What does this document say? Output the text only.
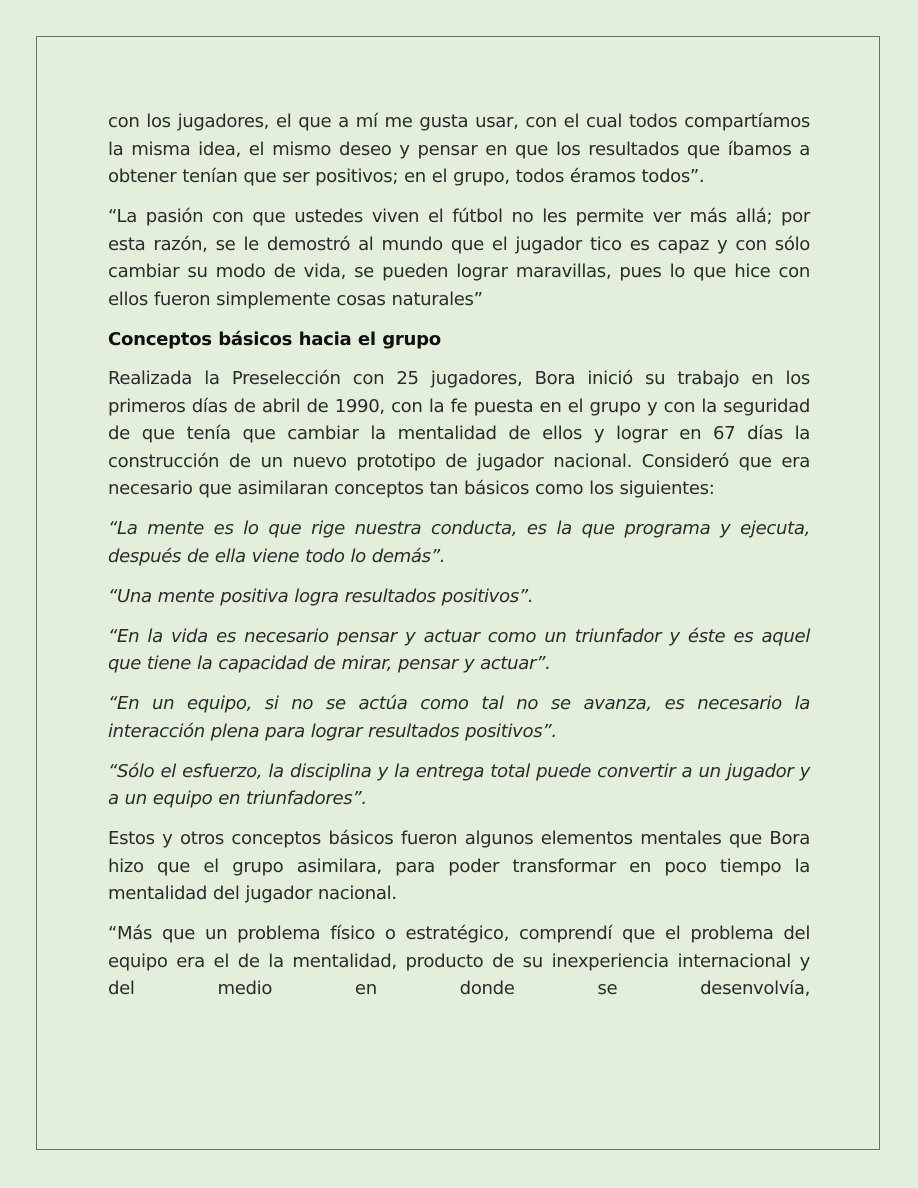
con los jugadores, el que a mí me gusta usar, con el cual todos compartíamos la misma idea, el mismo deseo y pensar en que los resultados que íbamos a obtener tenían que ser positivos; en el grupo, todos éramos todos”.

“La pasión con que ustedes viven el fútbol no les permite ver más allá; por esta razón, se le demostró al mundo que el jugador tico es capaz y con sólo cambiar su modo de vida, se pueden lograr maravillas, pues lo que hice con ellos fueron simplemente cosas naturales”

Conceptos básicos hacia el grupo

Realizada la Preselección con 25 jugadores, Bora inició su trabajo en los primeros días de abril de 1990, con la fe puesta en el grupo y con la seguridad de que tenía que cambiar la mentalidad de ellos y lograr en 67 días la construcción de un nuevo prototipo de jugador nacional. Consideró que era necesario que asimilaran conceptos tan básicos como los siguientes:

“La mente es lo que rige nuestra conducta, es la que programa y ejecuta, después de ella viene todo lo demás”.

“Una mente positiva logra resultados positivos”.

“En la vida es necesario pensar y actuar como un triunfador y éste es aquel que tiene la capacidad de mirar, pensar y actuar”.

“En un equipo, si no se actúa como tal no se avanza, es necesario la interacción plena para lograr resultados positivos”.

“Sólo el esfuerzo, la disciplina y la entrega total puede convertir a un jugador y a un equipo en triunfadores”.

Estos y otros conceptos básicos fueron algunos elementos mentales que Bora hizo que el grupo asimilara, para poder transformar en poco tiempo la mentalidad del jugador nacional.

“Más que un problema físico o estratégico, comprendí que el problema del equipo era el de la mentalidad, producto de su inexperiencia internacional y del medio en donde se desenvolvía,
